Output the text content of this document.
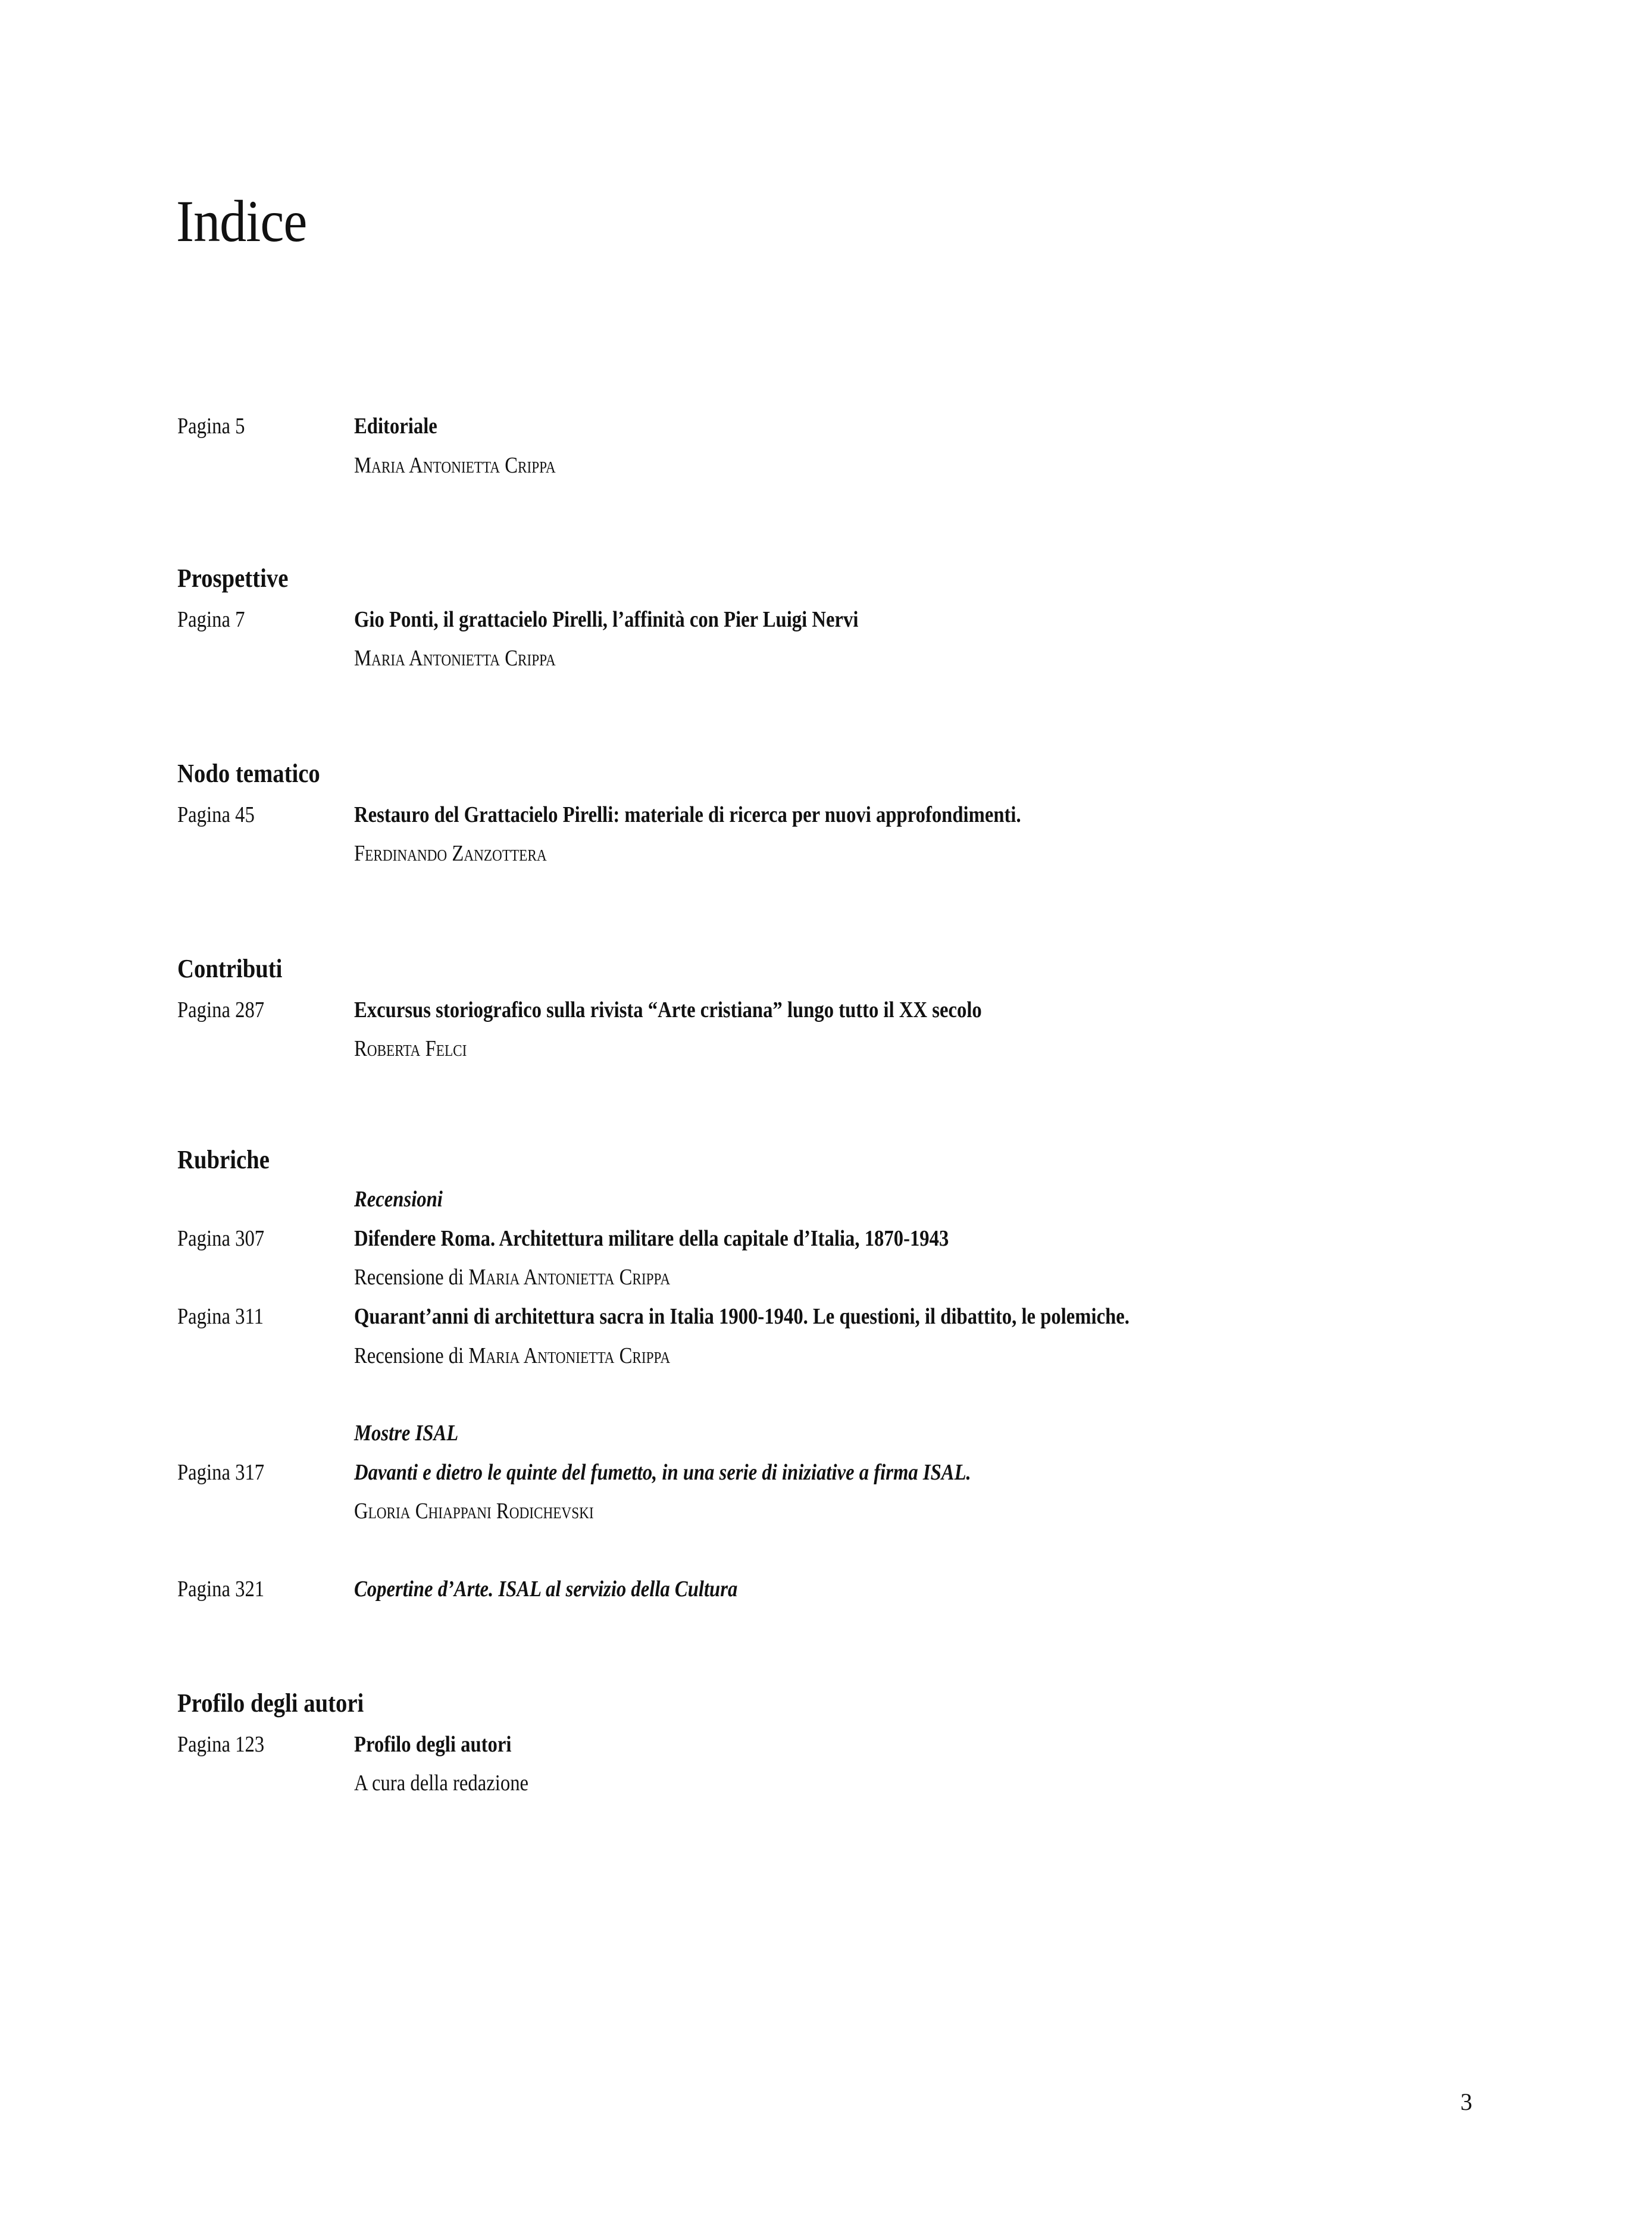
Indice
Pagina 5	Editoriale
Maria Antonietta Crippa
Prospettive
Pagina 7	Gio Ponti, il grattacielo Pirelli, l’affinità con Pier Luigi Nervi
Maria Antonietta Crippa
Nodo tematico
Pagina 45	Restauro del Grattacielo Pirelli: materiale di ricerca per nuovi approfondimenti.
Ferdinando Zanzottera
Contributi
Pagina 287	Excursus storiografico sulla rivista “Arte cristiana” lungo tutto il XX secolo
Roberta Felci
Rubriche
Recensioni
Pagina 307	Difendere Roma. Architettura militare della capitale d’Italia, 1870-1943
Recensione di Maria Antonietta Crippa
Pagina 311	Quarant’anni di architettura sacra in Italia 1900-1940. Le questioni, il dibattito, le polemiche.
Recensione di Maria Antonietta Crippa
Mostre ISAL
Pagina 317	Davanti e dietro le quinte del fumetto, in una serie di iniziative a firma ISAL.
Gloria Chiappani Rodichevski
Pagina 321	Copertine d’Arte. ISAL al servizio della Cultura
Profilo degli autori
Pagina 123	Profilo degli autori
A cura della redazione
3
